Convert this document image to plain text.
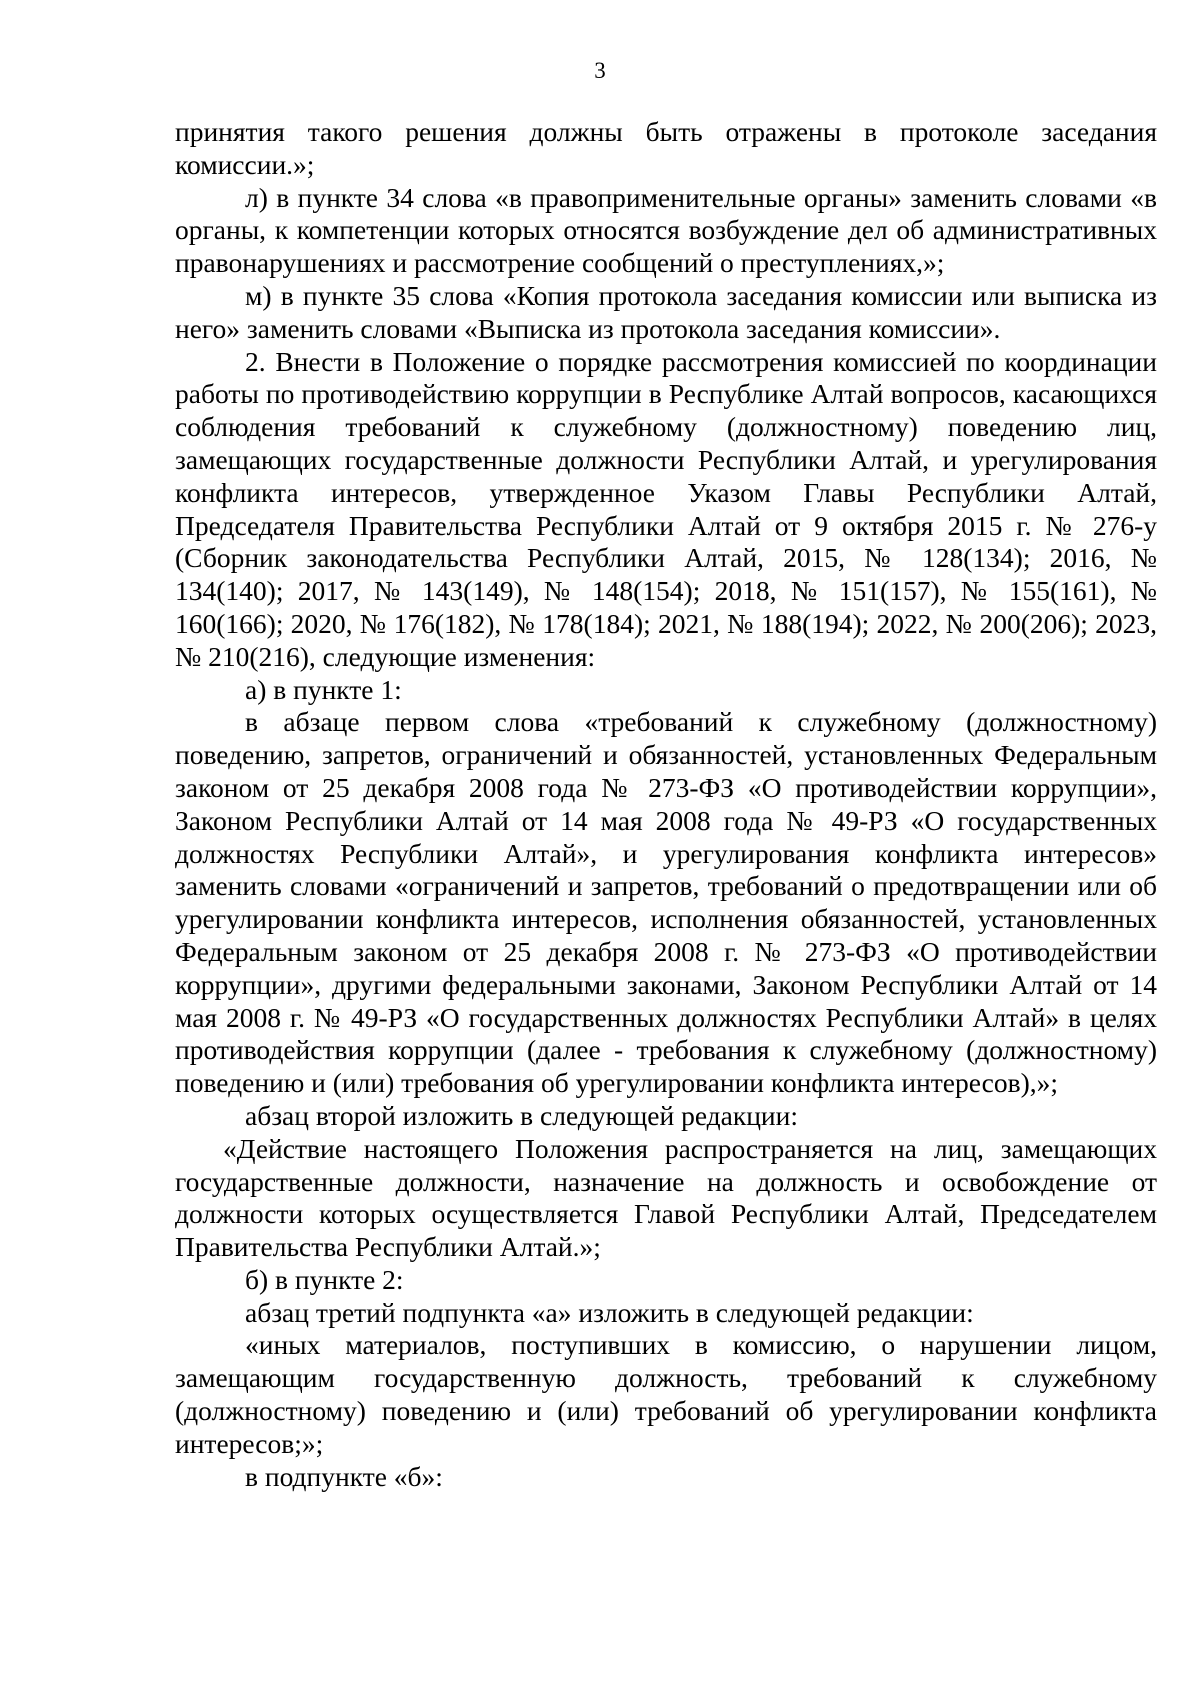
3

принятия такого решения должны быть отражены в протоколе заседания комиссии.»;

л) в пункте 34 слова «в правоприменительные органы» заменить словами «в органы, к компетенции которых относятся возбуждение дел об административных правонарушениях и рассмотрение сообщений о преступлениях,»;

м) в пункте 35 слова «Копия протокола заседания комиссии или выписка из него» заменить словами «Выписка из протокола заседания комиссии».

2. Внести в Положение о порядке рассмотрения комиссией по координации работы по противодействию коррупции в Республике Алтай вопросов, касающихся соблюдения требований к служебному (должностному) поведению лиц, замещающих государственные должности Республики Алтай, и урегулирования конфликта интересов, утвержденное Указом Главы Республики Алтай, Председателя Правительства Республики Алтай от 9 октября 2015 г. № 276-у (Сборник законодательства Республики Алтай, 2015, № 128(134); 2016, № 134(140); 2017, № 143(149), № 148(154); 2018, № 151(157), № 155(161), № 160(166); 2020, № 176(182), № 178(184); 2021, № 188(194); 2022, № 200(206); 2023, № 210(216), следующие изменения:

а) в пункте 1:

в абзаце первом слова «требований к служебному (должностному) поведению, запретов, ограничений и обязанностей, установленных Федеральным законом от 25 декабря 2008 года № 273-ФЗ «О противодействии коррупции», Законом Республики Алтай от 14 мая 2008 года № 49-РЗ «О государственных должностях Республики Алтай», и урегулирования конфликта интересов» заменить словами «ограничений и запретов, требований о предотвращении или об урегулировании конфликта интересов, исполнения обязанностей, установленных Федеральным законом от 25 декабря 2008 г. № 273-ФЗ «О противодействии коррупции», другими федеральными законами, Законом Республики Алтай от 14 мая 2008 г. № 49-РЗ «О государственных должностях Республики Алтай» в целях противодействия коррупции (далее - требования к служебному (должностному) поведению и (или) требования об урегулировании конфликта интересов),»;

абзац второй изложить в следующей редакции:

«Действие настоящего Положения распространяется на лиц, замещающих государственные должности, назначение на должность и освобождение от должности которых осуществляется Главой Республики Алтай, Председателем Правительства Республики Алтай.»;

б) в пункте 2:

абзац третий подпункта «а» изложить в следующей редакции:

«иных материалов, поступивших в комиссию, о нарушении лицом, замещающим государственную должность, требований к служебному (должностному) поведению и (или) требований об урегулировании конфликта интересов;»;

в подпункте «б»:
